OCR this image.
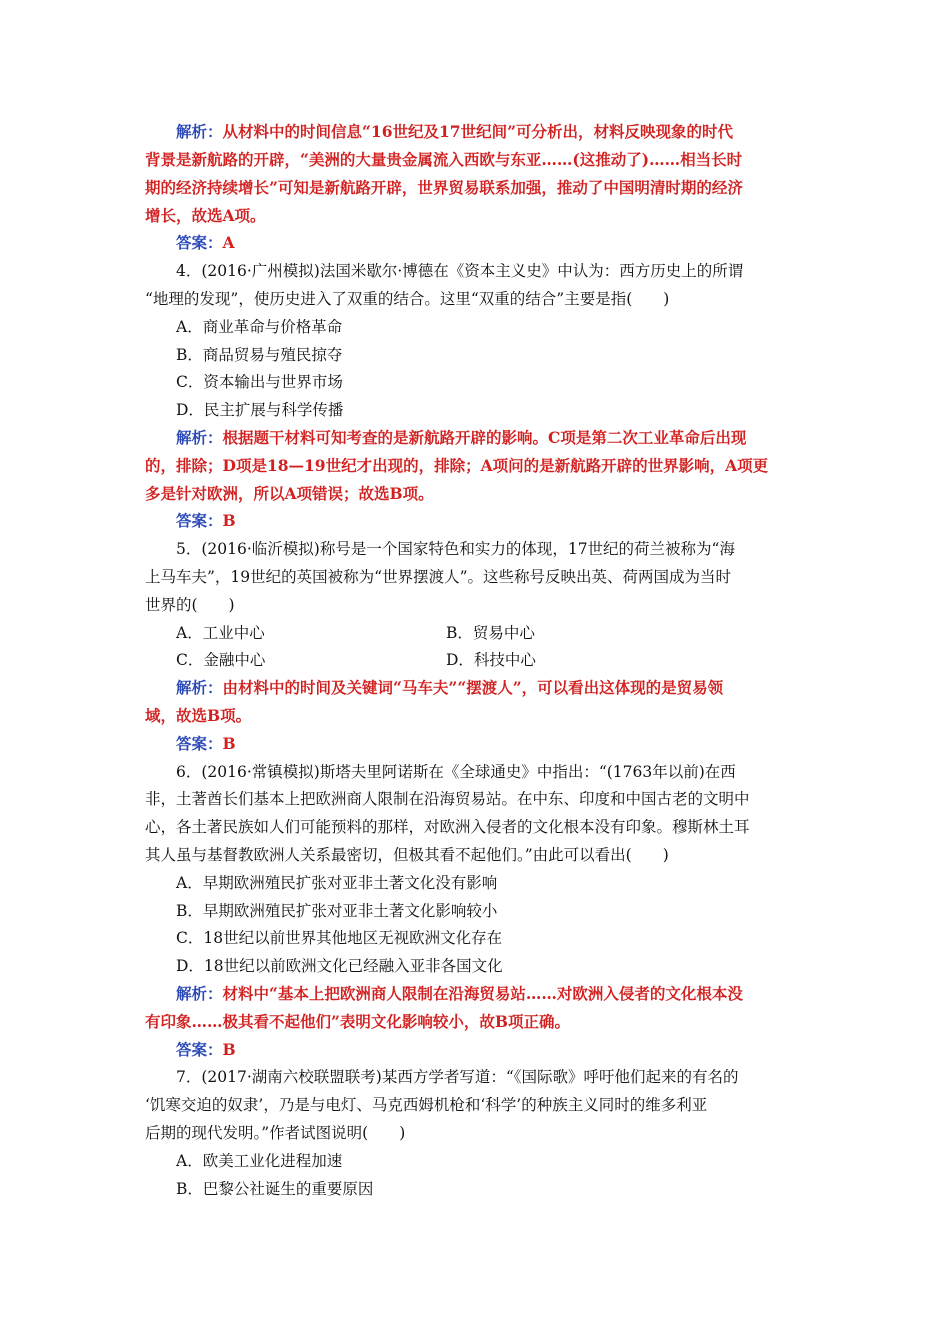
解析：从材料中的时间信息“16世纪及17世纪间”可分析出，材料反映现象的时代
背景是新航路的开辟，“美洲的大量贵金属流入西欧与东亚……(这推动了)……相当长时
期的经济持续增长”可知是新航路开辟，世界贸易联系加强，推动了中国明清时期的经济
增长，故选A项。
答案：A
4．(2016·广州模拟)法国米歇尔·博德在《资本主义史》中认为：西方历史上的所谓
“地理的发现”，使历史进入了双重的结合。这里“双重的结合”主要是指(　　)
A．商业革命与价格革命
B．商品贸易与殖民掠夺
C．资本输出与世界市场
D．民主扩展与科学传播
解析：根据题干材料可知考查的是新航路开辟的影响。C项是第二次工业革命后出现
的，排除；D项是18—19世纪才出现的，排除；A项问的是新航路开辟的世界影响，A项更
多是针对欧洲，所以A项错误；故选B项。
答案：B
5．(2016·临沂模拟)称号是一个国家特色和实力的体现，17世纪的荷兰被称为“海
上马车夫”，19世纪的英国被称为“世界摆渡人”。这些称号反映出英、荷两国成为当时
世界的(　　)
A．工业中心	B．贸易中心
C．金融中心	D．科技中心
解析：由材料中的时间及关键词“马车夫”“摆渡人”，可以看出这体现的是贸易领
域，故选B项。
答案：B
6．(2016·常镇模拟)斯塔夫里阿诺斯在《全球通史》中指出：“(1763年以前)在西
非，土著酋长们基本上把欧洲商人限制在沿海贸易站。在中东、印度和中国古老的文明中
心，各土著民族如人们可能预料的那样，对欧洲入侵者的文化根本没有印象。穆斯林土耳
其人虽与基督教欧洲人关系最密切，但极其看不起他们。”由此可以看出(　　)
A．早期欧洲殖民扩张对亚非土著文化没有影响
B．早期欧洲殖民扩张对亚非土著文化影响较小
C．18世纪以前世界其他地区无视欧洲文化存在
D．18世纪以前欧洲文化已经融入亚非各国文化
解析：材料中“基本上把欧洲商人限制在沿海贸易站……对欧洲入侵者的文化根本没
有印象……极其看不起他们”表明文化影响较小，故B项正确。
答案：B
7．(2017·湖南六校联盟联考)某西方学者写道：“《国际歌》呼吁他们起来的有名的
‘饥寒交迫的奴隶’，乃是与电灯、马克西姆机枪和‘科学’的种族主义同时的维多利亚
后期的现代发明。”作者试图说明(　　)
A．欧美工业化进程加速
B．巴黎公社诞生的重要原因
